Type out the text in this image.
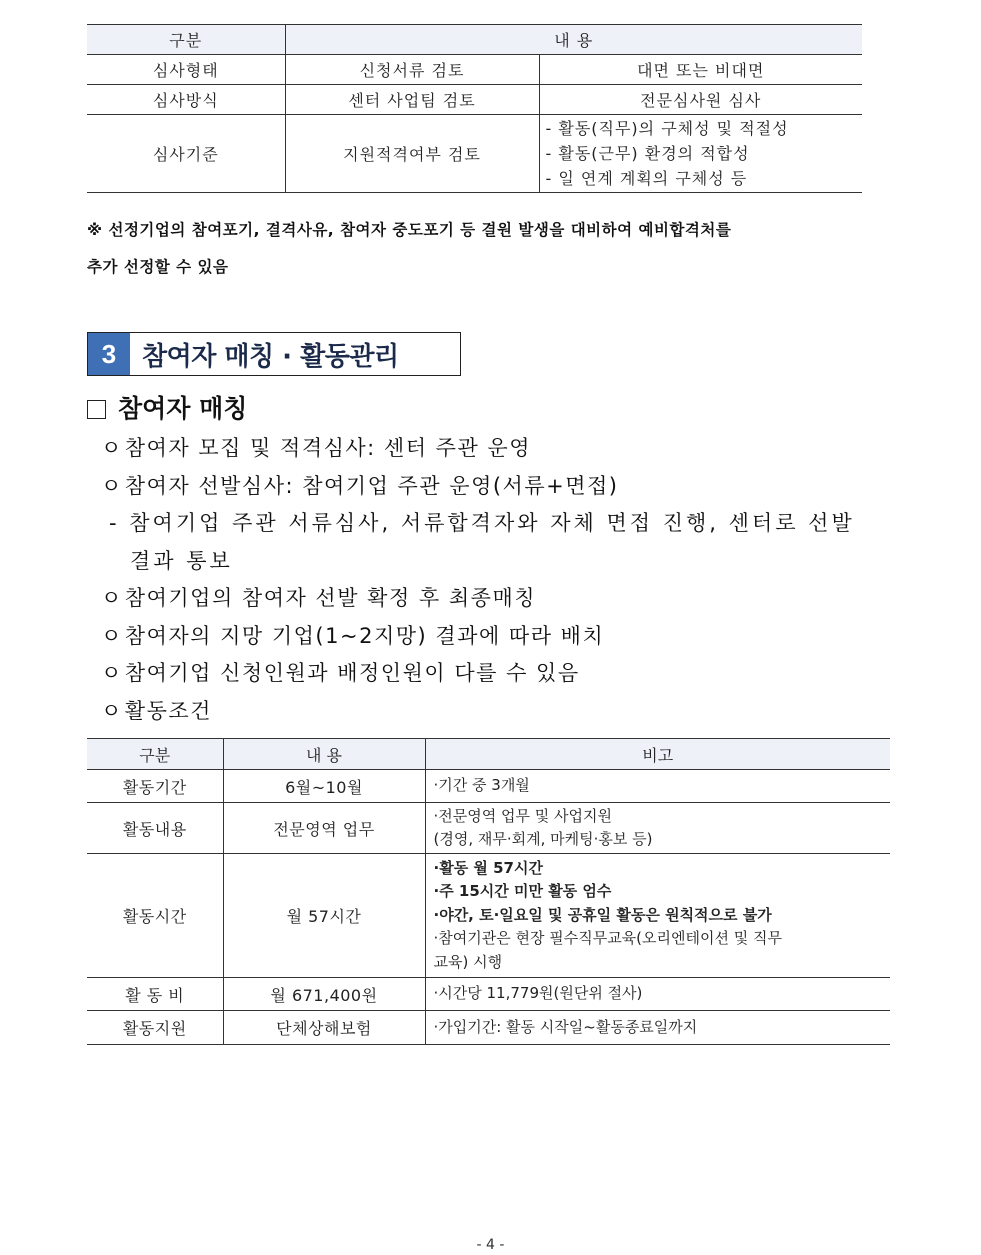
구분	내 용	
심사형태	신청서류 검토	대면 또는 비대면
심사방식	센터 사업팀 검토	전문심사원 심사
심사기준	지원적격여부 검토	- 활동(직무)의 구체성 및 적절성
- 활동(근무) 환경의 적합성
- 일 연계 계획의 구체성 등
※ 선정기업의 참여포기, 결격사유, 참여자 중도포기 등 결원 발생을 대비하여 예비합격처를
추가 선정할 수 있음
3 참여자 매칭 · 활동관리
참여자 매칭
ㅇ참여자 모집 및 적격심사: 센터 주관 운영
ㅇ참여자 선발심사: 참여기업 주관 운영(서류+면접)
- 참여기업 주관 서류심사, 서류합격자와 자체 면접 진행, 센터로 선발
결과 통보
ㅇ참여기업의 참여자 선발 확정 후 최종매칭
ㅇ참여자의 지망 기업(1~2지망) 결과에 따라 배치
ㅇ참여기업 신청인원과 배정인원이 다를 수 있음
ㅇ활동조건
구분	내 용	비고
활동기간	6월~10월	·기간 중 3개월

활동내용	전문영역 업무	·전문영역 업무 및 사업지원
(경영, 재무·회계, 마케팅·홍보 등)

활동시간	월 57시간	·활동 월 57시간
·주 15시간 미만 활동 엄수
·야간, 토·일요일 및 공휴일 활동은 원칙적으로 불가
·참여기관은 현장 필수직무교육(오리엔테이션 및 직무
교육) 시행

활 동 비	월 671,400원	·시간당 11,779원(원단위 절사)

활동지원	단체상해보험	·가입기간: 활동 시작일~활동종료일까지
- 4 -
